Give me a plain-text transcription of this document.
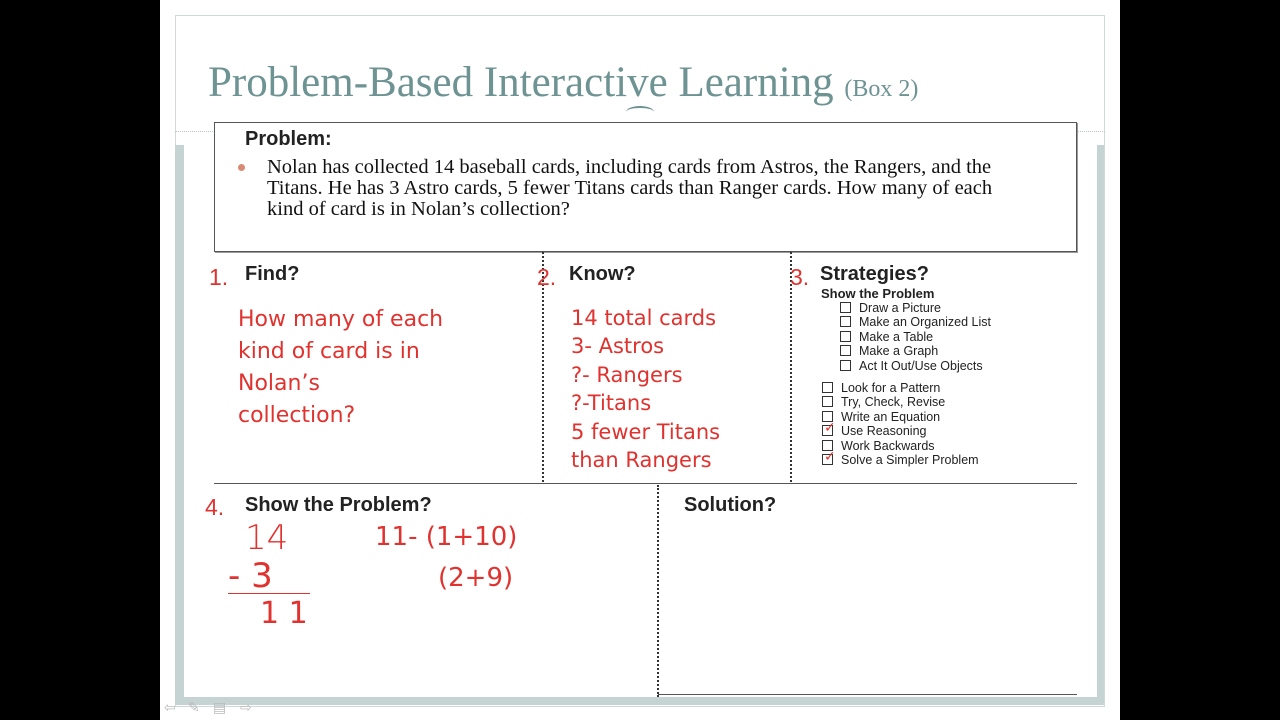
Problem-Based Interactive Learning (Box 2)
Problem:
Nolan has collected 14 baseball cards, including cards from Astros, the Rangers, and the Titans. He has 3 Astro cards, 5 fewer Titans cards than Ranger cards. How many of each kind of card is in Nolan’s collection?
1. Find?
How many of each
kind of card is in
Nolan’s
collection?
2. Know?
14 total cards
3- Astros
?- Rangers
?-Titans
5 fewer Titans
than Rangers
3. Strategies?
Show the Problem
Draw a Picture
Make an Organized List
Make a Table
Make a Graph
Act It Out/Use Objects
Look for a Pattern
Try, Check, Revise
Write an Equation
Use Reasoning
Work Backwards
Solve a Simpler Problem
✓
✓
4. Show the Problem?
14
- 3
1 1
11- (1+10)
(2+9)
Solution?
⇦ ✎ ▤ ⇨
